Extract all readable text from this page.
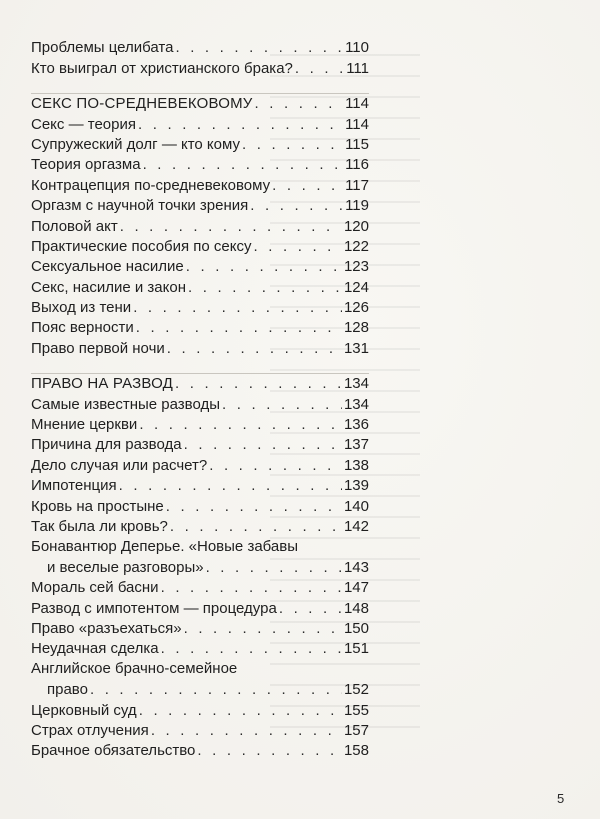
Проблемы целибата . . .	110
Кто выиграл от христианского брака? . . .	111
СЕКС ПО-СРЕДНЕВЕКОВОМУ . . .	114
Секс — теория . . .	114
Супружеский долг — кто кому . . .	115
Теория оргазма . . .	116
Контрацепция по-средневековому . . .	117
Оргазм с научной точки зрения . . .	119
Половой акт . . .	120
Практические пособия по сексу . . .	122
Сексуальное насилие . . .	123
Секс, насилие и закон . . .	124
Выход из тени . . .	126
Пояс верности . . .	128
Право первой ночи . . .	131
ПРАВО НА РАЗВОД . . .	134
Самые известные разводы . . .	134
Мнение церкви . . .	136
Причина для развода . . .	137
Дело случая или расчет? . . .	138
Импотенция . . .	139
Кровь на простыне . . .	140
Так была ли кровь? . . .	142
Бонавантюр Деперье. «Новые забавы
и веселые разговоры» . . .	143
Мораль сей басни . . .	147
Развод с импотентом — процедура . . .	148
Право «разъехаться» . . .	150
Неудачная сделка . . .	151
Английское брачно-семейное
право . . .	152
Церковный суд . . .	155
Страх отлучения . . .	157
Брачное обязательство . . .	158
5
